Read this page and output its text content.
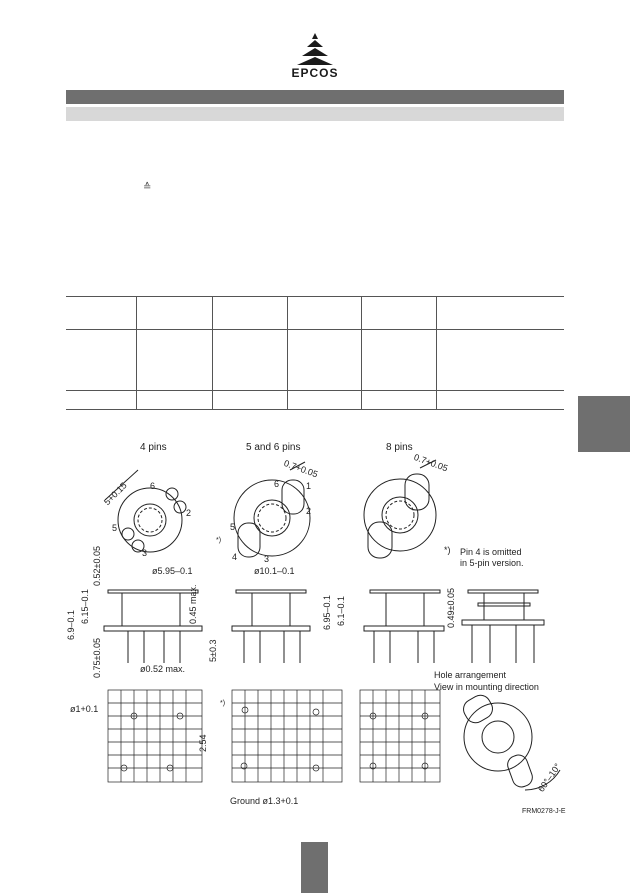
EPCOS
≙

4 pins	5 and 6 pins	8 pins
5+0.15
0.7+0.05	0.7+0.05
6
2
5
3
6	1
2
5
4	3
*)
*) Pin 4 is omitted
in 5-pin version.
ø5.95–0.1	ø10.1–0.1
ø0.52 max.
6.9–0.1
6.15–0.1
0.52±0.05
0.75±0.05
0.45 max.
5±0.3
6.95–0.1 6.1–0.1	0.49±0.05
Hole arrangement
View in mounting direction
ø1+0.1
2.54
*)
Ground ø1.3+0.1
60°–10°
FRM0278-J-E
